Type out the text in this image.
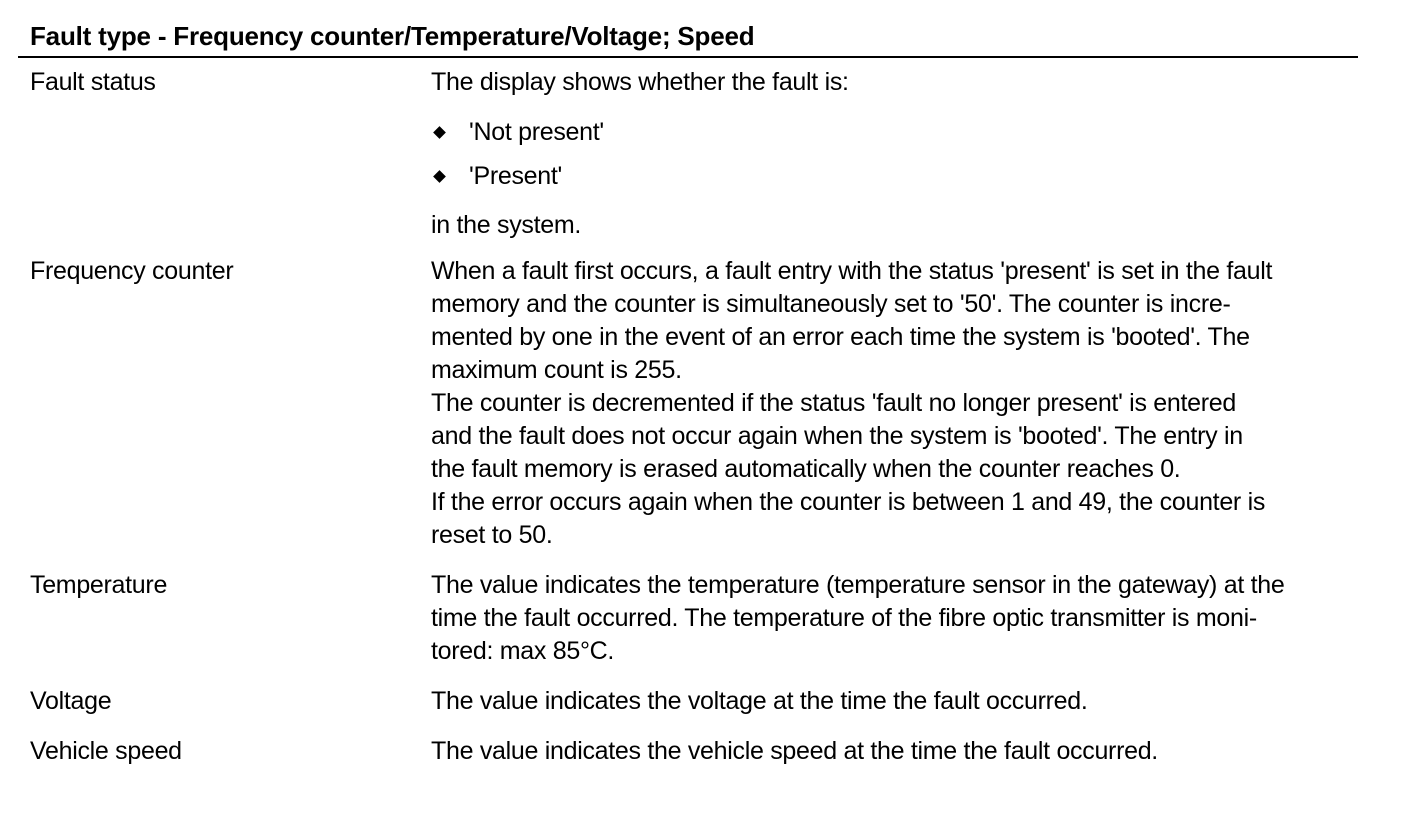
Fault type - Frequency counter/Temperature/Voltage; Speed
Fault status	The display shows whether the fault is:

'Not present'
'Present'

in the system.

Frequency counter	When a fault first occurs, a fault entry with the status 'present' is set in the fault
memory and the counter is simultaneously set to '50'. The counter is incre-
mented by one in the event of an error each time the system is 'booted'. The
maximum count is 255.
The counter is decremented if the status 'fault no longer present' is entered
and the fault does not occur again when the system is 'booted'. The entry in
the fault memory is erased automatically when the counter reaches 0.
If the error occurs again when the counter is between 1 and 49, the counter is
reset to 50.
Temperature	The value indicates the temperature (temperature sensor in the gateway) at the
time the fault occurred. The temperature of the fibre optic transmitter is moni-
tored: max 85°C.
Voltage	The value indicates the voltage at the time the fault occurred.
Vehicle speed	The value indicates the vehicle speed at the time the fault occurred.
